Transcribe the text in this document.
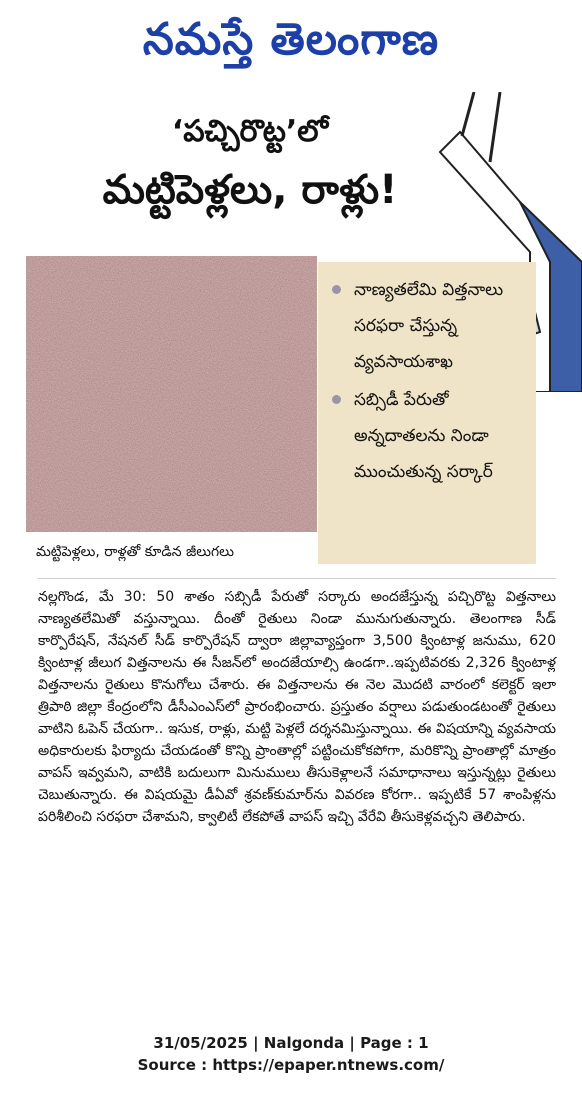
నమస్తే తెలంగాణ
‘పచ్చిరొట్ట’లో
మట్టిపెళ్లలు, రాళ్లు!
మట్టిపెళ్లలు, రాళ్లతో కూడిన జీలుగలు
నాణ్యతలేమి విత్తనాలు సరఫరా చేస్తున్న వ్యవసాయశాఖ
సబ్సిడీ పేరుతో అన్నదాతలను నిండా ముంచుతున్న సర్కార్
నల్లగొండ, మే 30: 50 శాతం సబ్సిడీ పేరుతో సర్కారు అందజేస్తున్న పచ్చిరొట్ట విత్తనాలు నాణ్యతలేమితో వస్తున్నాయి. దీంతో రైతులు నిండా మునుగుతున్నారు. తెలంగాణ సీడ్ కార్పొరేషన్, నేషనల్ సీడ్ కార్పొరేషన్ ద్వారా జిల్లావ్యాప్తంగా 3,500 క్వింటాళ్ల జనుము, 620 క్వింటాళ్ల జీలుగ విత్తనాలను ఈ సీజన్‌లో అందజేయాల్సి ఉండగా..ఇప్పటివరకు 2,326 క్వింటాళ్ల విత్తనాలను రైతులు కొనుగోలు చేశారు. ఈ విత్తనాలను ఈ నెల మొదటి వారంలో కలెక్టర్ ఇలా త్రిపాఠి జిల్లా కేంద్రంలోని డీసీఎంఎస్‌లో ప్రారంభించారు. ప్రస్తుతం వర్షాలు పడుతుండటంతో రైతులు వాటిని ఓపెన్ చేయగా.. ఇసుక, రాళ్లు, మట్టి పెళ్లలే దర్శనమిస్తున్నాయి. ఈ విషయాన్ని వ్యవసాయ అధికారులకు ఫిర్యాదు చేయడంతో కొన్ని ప్రాంతాల్లో పట్టించుకోకపోగా, మరికొన్ని ప్రాంతాల్లో మాత్రం వాపస్ ఇవ్వమని, వాటికి బదులుగా మినుములు తీసుకెళ్లాలనే సమాధానాలు ఇస్తున్నట్లు రైతులు చెబుతున్నారు. ఈ విషయమై డీఏవో శ్రవణ్‌కుమార్‌ను వివరణ కోరగా.. ఇప్పటికే 57 శాంపిళ్లను పరిశీలించి సరఫరా చేశామని, క్వాలిటీ లేకపోతే వాపస్ ఇచ్చి వేరేవి తీసుకెళ్లవచ్చని తెలిపారు.
31/05/2025 | Nalgonda | Page : 1
Source : https://epaper.ntnews.com/
